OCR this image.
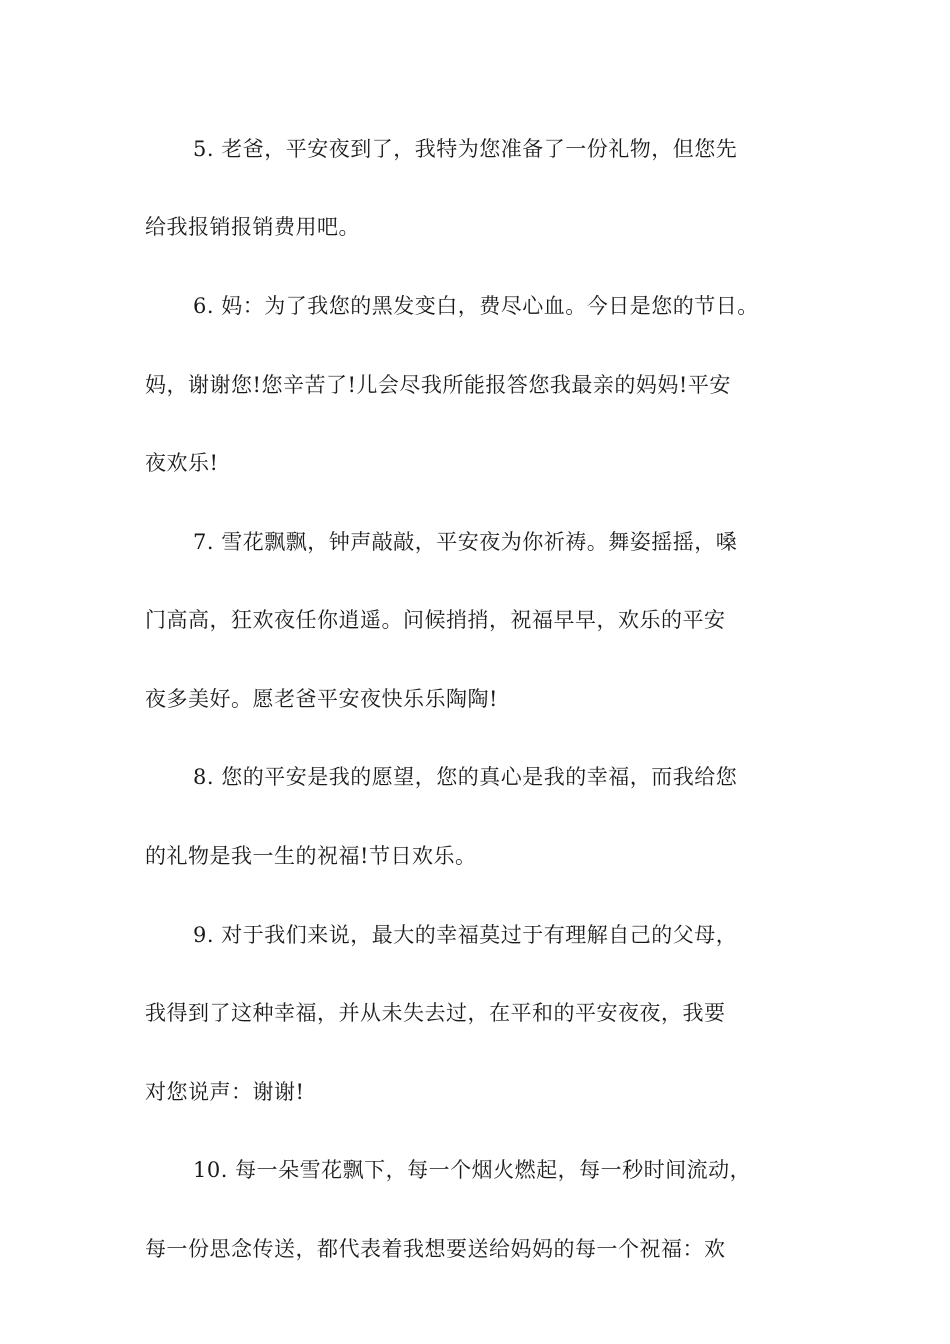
5. 老爸，平安夜到了，我特为您准备了一份礼物，但您先
给我报销报销费用吧。
6. 妈：为了我您的黑发变白，费尽心血。今日是您的节日。
妈，谢谢您!您辛苦了!儿会尽我所能报答您我最亲的妈妈!平安
夜欢乐!
7. 雪花飘飘，钟声敲敲，平安夜为你祈祷。舞姿摇摇，嗓
门高高，狂欢夜任你逍遥。问候捎捎，祝福早早，欢乐的平安
夜多美好。愿老爸平安夜快乐乐陶陶!
8. 您的平安是我的愿望，您的真心是我的幸福，而我给您
的礼物是我一生的祝福!节日欢乐。
9. 对于我们来说，最大的幸福莫过于有理解自己的父母，
我得到了这种幸福，并从未失去过，在平和的平安夜夜，我要
对您说声：谢谢!
10. 每一朵雪花飘下，每一个烟火燃起，每一秒时间流动，
每一份思念传送，都代表着我想要送给妈妈的每一个祝福：欢
